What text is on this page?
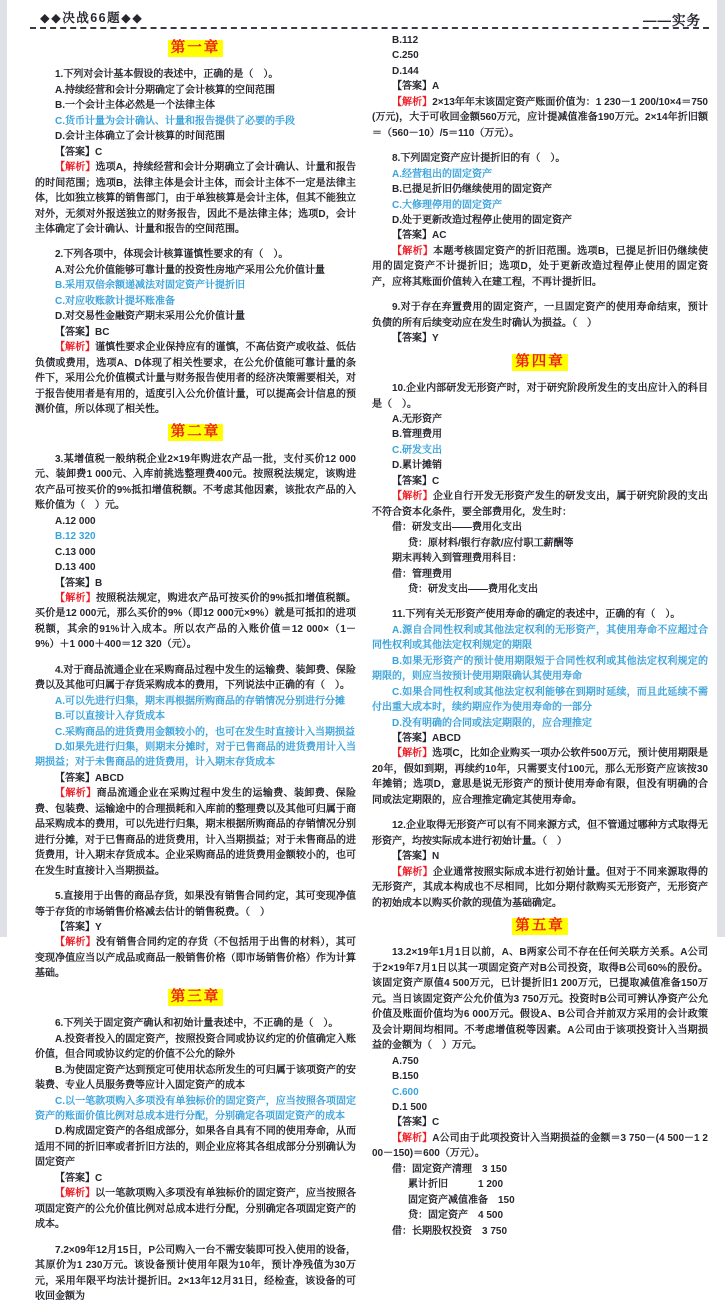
◆◆决战66题◆◆	——实务
第一章

1.下列对会计基本假设的表述中，正确的是（　）。

A.持续经营和会计分期确定了会计核算的空间范围

B.一个会计主体必然是一个法律主体

C.货币计量为会计确认、计量和报告提供了必要的手段

D.会计主体确立了会计核算的时间范围

【答案】C

【解析】选项A，持续经营和会计分期确立了会计确认、计量和报告的时间范围；选项B，法律主体是会计主体，而会计主体不一定是法律主体，比如独立核算的销售部门，由于单独核算是会计主体，但其不能独立对外，无须对外报送独立的财务报告，因此不是法律主体；选项D，会计主体确定了会计确认、计量和报告的空间范围。

2.下列各项中，体现会计核算谨慎性要求的有（　）。

A.对公允价值能够可靠计量的投资性房地产采用公允价值计量

B.采用双倍余额递减法对固定资产计提折旧

C.对应收账款计提坏账准备

D.对交易性金融资产期末采用公允价值计量

【答案】BC

【解析】谨慎性要求企业保持应有的谨慎，不高估资产或收益、低估负债或费用，选项A、D体现了相关性要求，在公允价值能可靠计量的条件下，采用公允价值模式计量与财务报告使用者的经济决策需要相关，对于报告使用者是有用的，适度引入公允价值计量，可以提高会计信息的预测价值，所以体现了相关性。

第二章

3.某增值税一般纳税企业2×19年购进农产品一批，支付买价12 000元、装卸费1 000元、入库前挑选整理费400元。按照税法规定，该购进农产品可按买价的9%抵扣增值税额。不考虑其他因素，该批农产品的入账价值为（　）元。

A.12 000

B.12 320

C.13 000

D.13 400

【答案】B

【解析】按照税法规定，购进农产品可按买价的9%抵扣增值税额。买价是12 000元，那么买价的9%（即12 000元×9%）就是可抵扣的进项税额，其余的91%计入成本。所以农产品的入账价值＝12 000×（1－9%）＋1 000＋400＝12 320（元）。

4.对于商品流通企业在采购商品过程中发生的运输费、装卸费、保险费以及其他可归属于存货采购成本的费用，下列说法中正确的有（　）。

A.可以先进行归集，期末再根据所购商品的存销情况分别进行分摊

B.可以直接计入存货成本

C.采购商品的进货费用金额较小的，也可在发生时直接计入当期损益

D.如果先进行归集，则期末分摊时，对于已售商品的进货费用计入当期损益；对于未售商品的进货费用，计入期末存货成本

【答案】ABCD

【解析】商品流通企业在采购过程中发生的运输费、装卸费、保险费、包装费、运输途中的合理损耗和入库前的整理费以及其他可归属于商品采购成本的费用，可以先进行归集，期末根据所购商品的存销情况分别进行分摊，对于已售商品的进货费用，计入当期损益；对于未售商品的进货费用，计入期末存货成本。企业采购商品的进货费用金额较小的，也可在发生时直接计入当期损益。

5.直接用于出售的商品存货，如果没有销售合同约定，其可变现净值等于存货的市场销售价格减去估计的销售税费。（　）

【答案】Y

【解析】没有销售合同约定的存货（不包括用于出售的材料），其可变现净值应当以产成品或商品一般销售价格（即市场销售价格）作为计算基础。

第三章

6.下列关于固定资产确认和初始计量表述中，不正确的是（　）。

A.投资者投入的固定资产，按照投资合同或协议约定的价值确定入账价值，但合同或协议约定的价值不公允的除外

B.为使固定资产达到预定可使用状态所发生的可归属于该项资产的安装费、专业人员服务费等应计入固定资产的成本

C.以一笔款项购入多项没有单独标价的固定资产，应当按照各项固定资产的账面价值比例对总成本进行分配，分别确定各项固定资产的成本

D.构成固定资产的各组成部分，如果各自具有不同的使用寿命，从而适用不同的折旧率或者折旧方法的，则企业应将其各组成部分分别确认为固定资产

【答案】C

【解析】以一笔款项购入多项没有单独标价的固定资产，应当按照各项固定资产的公允价值比例对总成本进行分配，分别确定各项固定资产的成本。

7.2×09年12月15日，P公司购入一台不需安装即可投入使用的设备，其原价为1 230万元。该设备预计使用年限为10年，预计净残值为30万元，采用年限平均法计提折旧。2×13年12月31日，经检查，该设备的可收回金额为

B.112

C.250

D.144

【答案】A

【解析】2×13年年末该固定资产账面价值为：1 230－1 200/10×4＝750(万元)，大于可收回金额560万元，应计提减值准备190万元。2×14年折旧额＝（560－10）/5＝110（万元）。

8.下列固定资产应计提折旧的有（　）。

A.经营租出的固定资产

B.已提足折旧仍继续使用的固定资产

C.大修理停用的固定资产

D.处于更新改造过程停止使用的固定资产

【答案】AC

【解析】本题考核固定资产的折旧范围。选项B，已提足折旧仍继续使用的固定资产不计提折旧；选项D，处于更新改造过程停止使用的固定资产，应将其账面价值转入在建工程，不再计提折旧。

9.对于存在弃置费用的固定资产，一旦固定资产的使用寿命结束，预计负债的所有后续变动应在发生时确认为损益。（　）

【答案】Y

第四章

10.企业内部研发无形资产时，对于研究阶段所发生的支出应计入的科目是（　）。

A.无形资产

B.管理费用

C.研发支出

D.累计摊销

【答案】C

【解析】企业自行开发无形资产发生的研发支出，属于研究阶段的支出不符合资本化条件，要全部费用化，发生时：

借：研发支出——费用化支出

贷：原材料/银行存款/应付职工薪酬等

期末再转入到管理费用科目：

借：管理费用

贷：研发支出——费用化支出

11.下列有关无形资产使用寿命的确定的表述中，正确的有（　）。

A.源自合同性权利或其他法定权利的无形资产，其使用寿命不应超过合同性权利或其他法定权利规定的期限

B.如果无形资产的预计使用期限短于合同性权利或其他法定权利规定的期限的，则应当按预计使用期限确认其使用寿命

C.如果合同性权利或其他法定权利能够在到期时延续，而且此延续不需付出重大成本时，续约期应作为使用寿命的一部分

D.没有明确的合同或法定期限的，应合理推定

【答案】ABCD

【解析】选项C，比如企业购买一项办公软件500万元，预计使用期限是20年，假如到期，再续约10年，只需要支付100元，那么无形资产应该按30年摊销；选项D，意思是说无形资产的预计使用寿命有限，但没有明确的合同或法定期限的，应合理推定确定其使用寿命。

12.企业取得无形资产可以有不同来源方式，但不管通过哪种方式取得无形资产，均按实际成本进行初始计量。（　）

【答案】N

【解析】企业通常按照实际成本进行初始计量。但对于不同来源取得的无形资产，其成本构成也不尽相同，比如分期付款购买无形资产，无形资产的初始成本以购买价款的现值为基础确定。

第五章

13.2×19年1月1日以前，A、B两家公司不存在任何关联方关系。A公司于2×19年7月1日以其一项固定资产对B公司投资，取得B公司60%的股份。该固定资产原值4 500万元，已计提折旧1 200万元，已提取减值准备150万元。当日该固定资产公允价值为3 750万元。投资时B公司可辨认净资产公允价值及账面价值均为6 000万元。假设A、B公司合并前双方采用的会计政策及会计期间均相同。不考虑增值税等因素。A公司由于该项投资计入当期损益的金额为（　）万元。

A.750

B.150

C.600

D.1 500

【答案】C

【解析】A公司由于此项投资计入当期损益的金额＝3 750－(4 500－1 200－150)＝600（万元）。

借：固定资产清理　3 150

累计折旧　　　1 200

固定资产减值准备　150

贷：固定资产　4 500

借：长期股权投资　3 750
